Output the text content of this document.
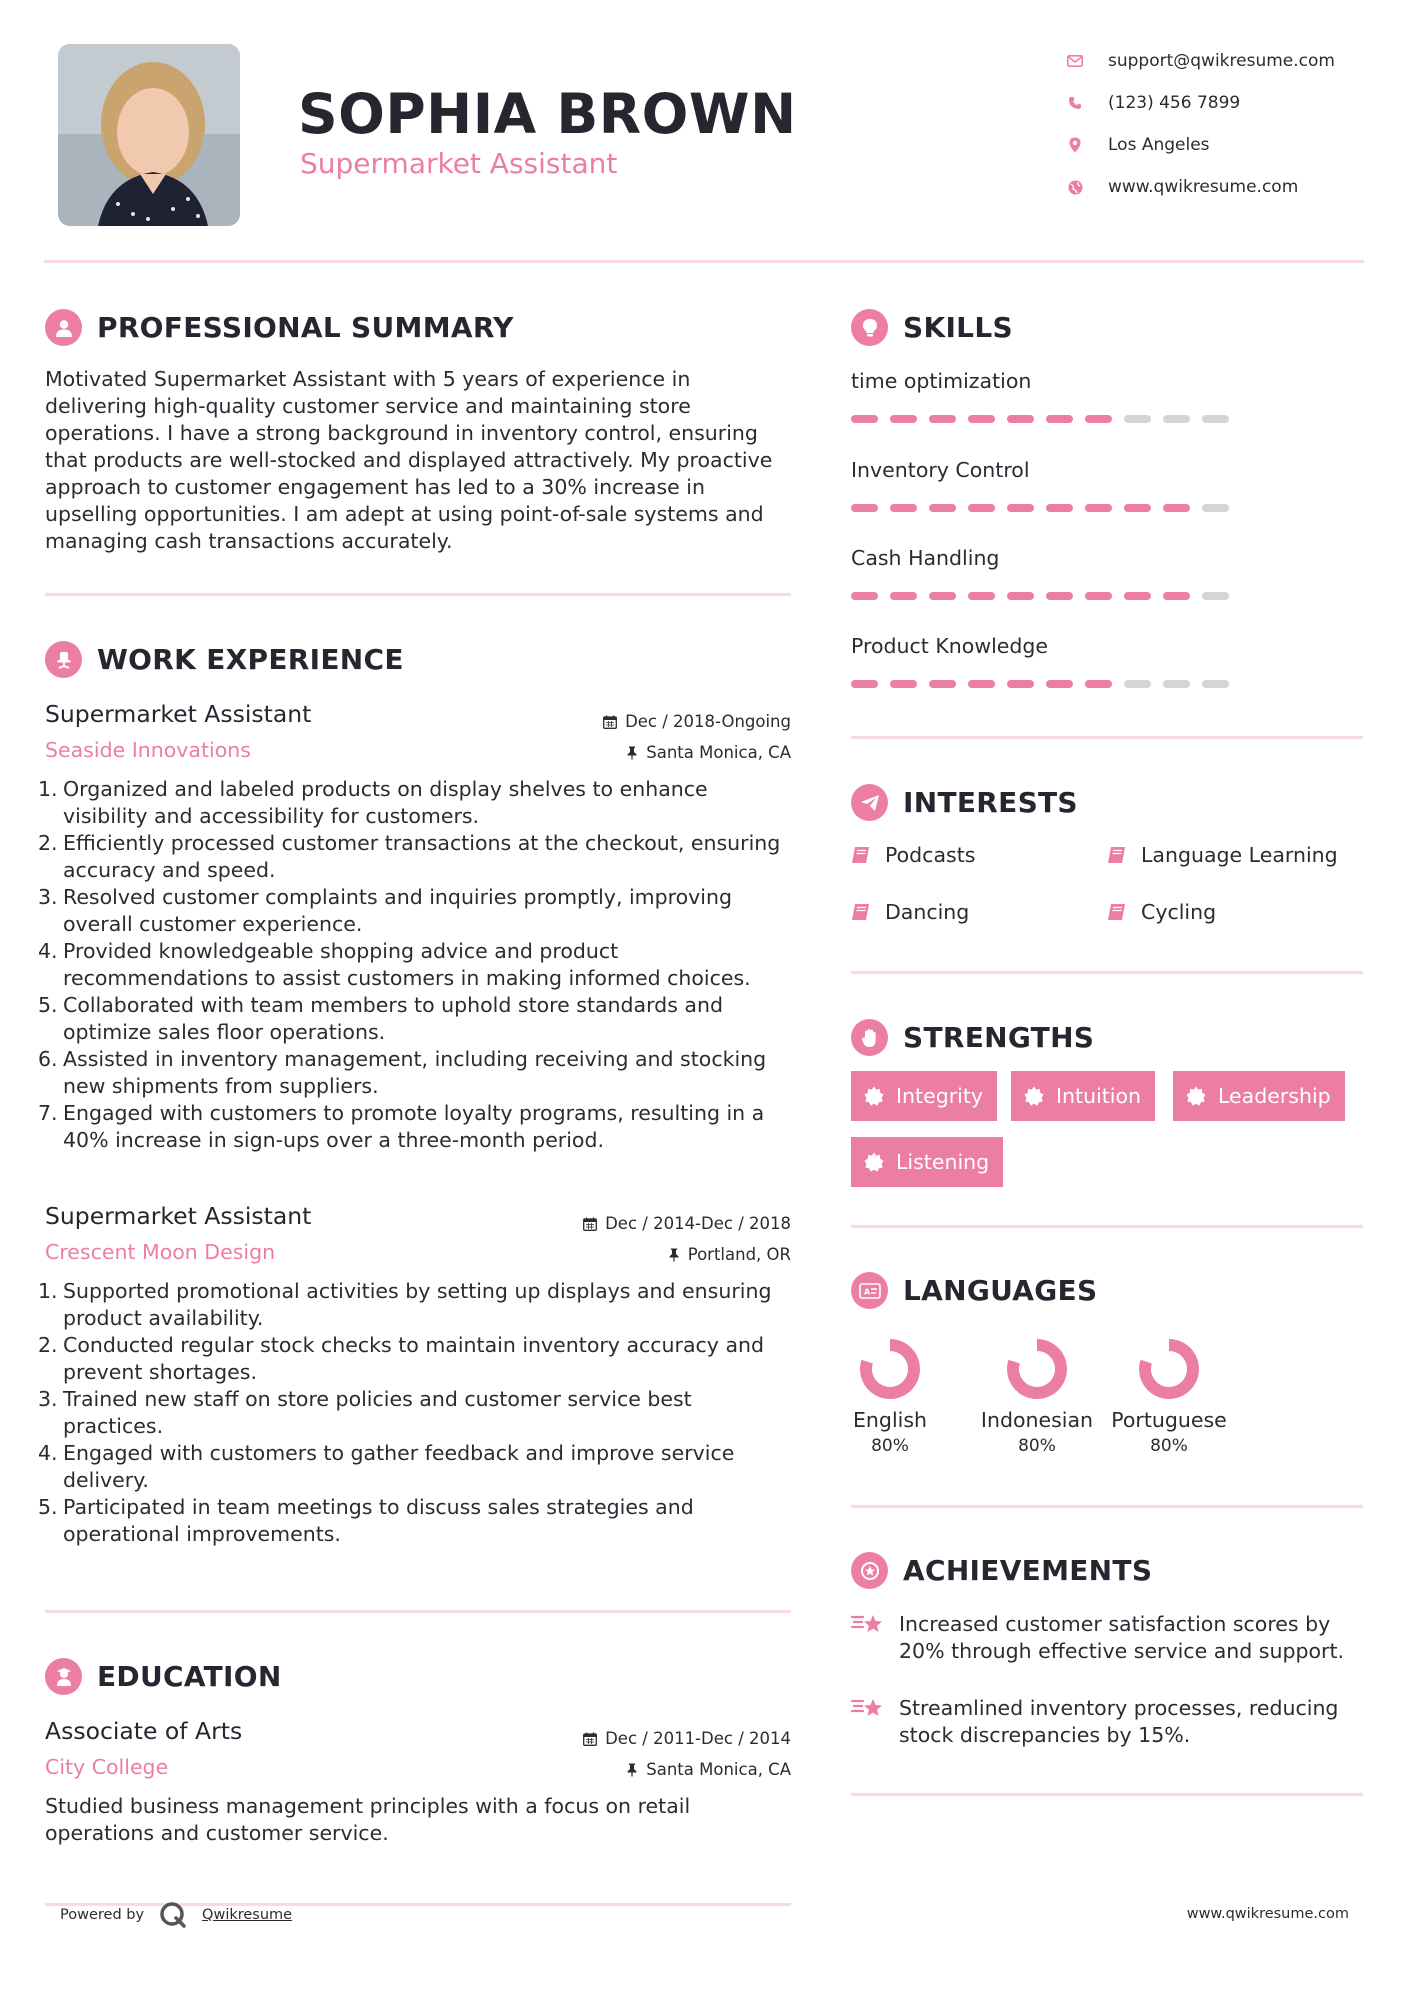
SOPHIA BROWN
Supermarket Assistant
support@qwikresume.com
(123) 456 7899
Los Angeles
www.qwikresume.com
PROFESSIONAL SUMMARY
Motivated Supermarket Assistant with 5 years of experience in delivering high-quality customer service and maintaining store operations. I have a strong background in inventory control, ensuring that products are well-stocked and displayed attractively. My proactive approach to customer engagement has led to a 30% increase in upselling opportunities. I am adept at using point-of-sale systems and managing cash transactions accurately.
WORK EXPERIENCE
Supermarket Assistant
Seaside Innovations
Dec / 2018-Ongoing
Santa Monica, CA
Organized and labeled products on display shelves to enhance visibility and accessibility for customers.
Efficiently processed customer transactions at the checkout, ensuring accuracy and speed.
Resolved customer complaints and inquiries promptly, improving overall customer experience.
Provided knowledgeable shopping advice and product recommendations to assist customers in making informed choices.
Collaborated with team members to uphold store standards and optimize sales floor operations.
Assisted in inventory management, including receiving and stocking new shipments from suppliers.
Engaged with customers to promote loyalty programs, resulting in a 40% increase in sign-ups over a three-month period.
Supermarket Assistant
Crescent Moon Design
Dec / 2014-Dec / 2018
Portland, OR
Supported promotional activities by setting up displays and ensuring product availability.
Conducted regular stock checks to maintain inventory accuracy and prevent shortages.
Trained new staff on store policies and customer service best practices.
Engaged with customers to gather feedback and improve service delivery.
Participated in team meetings to discuss sales strategies and operational improvements.
EDUCATION
Associate of Arts
City College
Dec / 2011-Dec / 2014
Santa Monica, CA
Studied business management principles with a focus on retail operations and customer service.
SKILLS
time optimization
Inventory Control
Cash Handling
Product Knowledge
INTERESTS
Podcasts	Language Learning
Dancing	Cycling
STRENGTHS
Integrity	Intuition	Leadership
Listening
A LANGUAGES
English
80%
Indonesian
80%
Portuguese
80%
ACHIEVEMENTS
Increased customer satisfaction scores by 20% through effective service and support.
Streamlined inventory processes, reducing stock discrepancies by 15%.
Powered by	Qwikresume	www.qwikresume.com
